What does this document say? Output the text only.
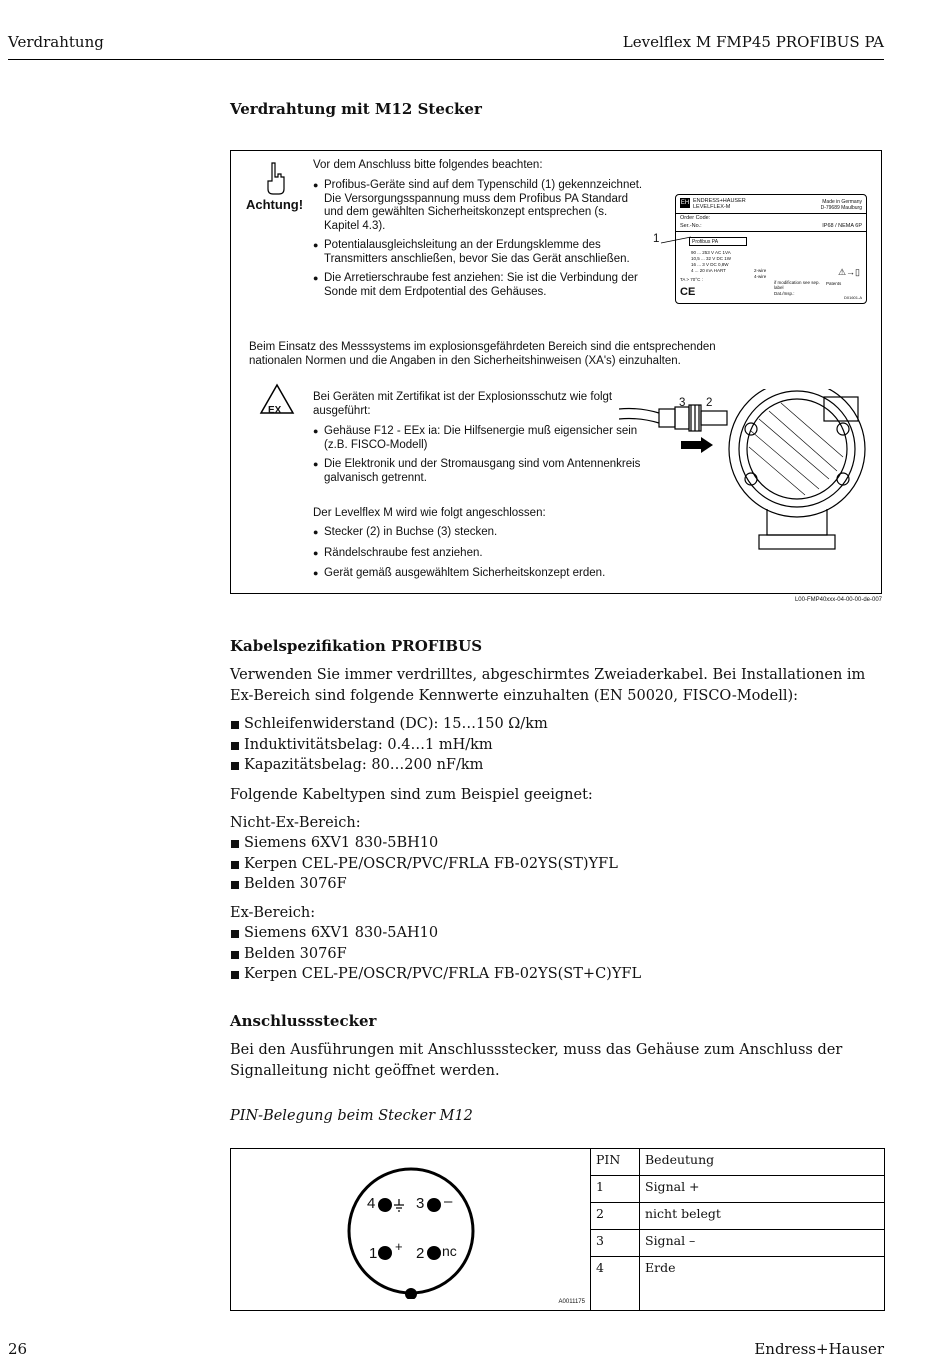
Verdrahtung	Levelflex M FMP45 PROFIBUS PA
Verdrahtung mit M12 Stecker
Achtung!
Vor dem Anschluss bitte folgendes beachten:
● Profibus-Geräte sind auf dem Typenschild (1) gekennzeichnet. Die Versorgungsspannung muss dem Profibus PA Standard und dem gewählten Sicherheitskonzept entsprechen (s. Kapitel 4.3).
● Potentialausgleichsleitung an der Erdungsklemme des Transmitters anschließen, bevor Sie das Gerät anschließen.
● Die Arretierschraube fest anziehen: Sie ist die Verbindung der Sonde mit dem Erdpotential des Gehäuses.
EH ENDRESS+HAUSER
LEVELFLEX-M
Made in Germany
D-79689 Maulburg
Order Code:
Ser.-No.:	IP68 / NEMA 6P
Profibus PA
90 ... 253 V AC 1VA
10,5 ... 32 V DC 1W
16 ... 3 V DC 0,8W
4 ... 20 mA HART	2-wire
4-wire
TA > 70°C :
CE
⚠→▯
if modification see sep. label
Patents
Dat./Insp.:
D01601-A
1
Beim Einsatz des Messsystems im explosionsgefährdeten Bereich sind die entsprechenden nationalen Normen und die Angaben in den Sicherheitshinweisen (XA's) einzuhalten.
EX
Bei Geräten mit Zertifikat ist der Explosionsschutz wie folgt ausgeführt:
● Gehäuse F12 - EEx ia: Die Hilfsenergie muß eigensicher sein (z.B. FISCO-Modell)
● Die Elektronik und der Stromausgang sind vom Antennenkreis galvanisch getrennt.
Der Levelflex M wird wie folgt angeschlossen:
● Stecker (2) in Buchse (3) stecken.
● Rändelschraube fest anziehen.
● Gerät gemäß ausgewähltem Sicherheitskonzept erden.
3 2
L00-FMP40xxx-04-00-00-de-007
Kabelspezifikation PROFIBUS
Verwenden Sie immer verdrilltes, abgeschirmtes Zweiaderkabel. Bei Installationen im Ex-Bereich sind folgende Kennwerte einzuhalten (EN 50020, FISCO-Modell):
Schleifenwiderstand (DC): 15…150 Ω/km
Induktivitätsbelag: 0.4…1 mH/km
Kapazitätsbelag: 80…200 nF/km
Folgende Kabeltypen sind zum Beispiel geeignet:
Nicht-Ex-Bereich:
Siemens 6XV1 830-5BH10
Kerpen CEL-PE/OSCR/PVC/FRLA FB-02YS(ST)YFL
Belden 3076F
Ex-Bereich:
Siemens 6XV1 830-5AH10
Belden 3076F
Kerpen CEL-PE/OSCR/PVC/FRLA FB-02YS(ST+C)YFL
Anschlussstecker
Bei den Ausführungen mit Anschlussstecker, muss das Gehäuse zum Anschluss der Signalleitung nicht geöffnet werden.
PIN-Belegung beim Stecker M12
4	3 –
1 + 2 nc
A0011175
PIN	Bedeutung
1	Signal +
2	nicht belegt
3	Signal –
4	Erde
26	Endress+Hauser
